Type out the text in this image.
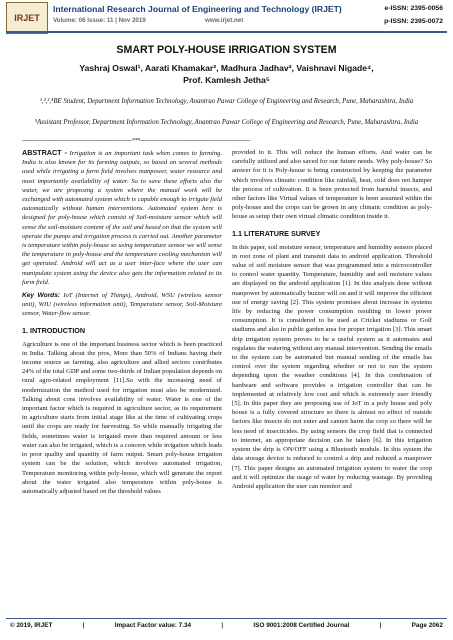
IRJET
International Research Journal of Engineering and Technology (IRJET)
Volume: 06 Issue: 11 | Nov 2019	www.irjet.net
e-ISSN: 2395-0056
p-ISSN: 2395-0072
SMART POLY-HOUSE IRRIGATION SYSTEM
Yashraj Oswal¹, Aarati Khamakar², Madhura Jadhav³, Vaishnavi Nigade⁴,
Prof. Kamlesh Jetha⁵
¹,²,³,⁴BE Student, Department Information Technology, Anantrao Pawar College of Engineering and Research, Pune, Maharashtra, India
⁵Assistant Professor, Department Information Technology, Anantrao Pawar College of Engineering and Research, Pune, Maharashtra, India
---------------------------------------------------------------------***---------------------------------------------------------------------

ABSTRACT - Irrigation is an important task when comes to farming. India is also known for its farming outputs, so based on several methods used while irrigating a farm field involves manpower, water resource and most importantly availability of water. So to save these efforts also the water, we are proposing a system where the manual work will be exchanged with automated system which is capable enough to irrigate field automatically without human interventions. Automated system here is designed for poly-house which consist of Soil-moisture sensor which will sense the soil-moisture content of the soil and based on that the system will operate the pumps and irrigation process is carried out. Another parameter is temperature within poly-house so using temperature sensor we will sense the temperature in poly-house and the temperature cooling mechanism will get operated. Android will act as a user inter-face where the user can manipulate system using the device also gets the information related to its farm field.

Key Words: IoT (Internet of Things), Android, WSU (wireless sensor unit), WIU (wireless information unit), Temperature sensor, Soil-Moisture sensor, Water-flow sensor.

1. INTRODUCTION

Agriculture is one of the important business sector which is been practiced in India. Talking about the pros, More than 50% of Indians having their income source as farming, also agriculture and allied sectors contributes 24% of the total GDP and some two-thirds of Indian population depends on rural agro-related employment [11].So with the increasing need of modernization the method used for irrigation must also be modernized. Talking about cons involves availability of water. Water is one of the important factor which is required in agriculture sector, as its requirement in agriculture starts from initial stage like at the time of cultivating crops until the crops are ready for harvesting. So while manually irrigating the fields, sometimes water is irrigated more than required amount or less water can also be irrigated, which is a concern while irrigation which leads to poor quality and quantity of farm output. Smart poly-house irrigation system can be the solution, which involves automated irrigation, Temperature monitoring within poly-house, which will generate the report about the water irrigated also temperature within poly-house is automatically adjusted based on the threshold values

provided to it. This will reduce the human efforts. And water can be carefully utilized and also saved for our future needs. Why poly-house? So answer for it is Poly-house is being constructed by keeping the parameter which involves climatic condition like rainfall, heat, cold does not hamper the process of cultivation. It is been protected from harmful insects, and other factors like Virtual values of temperature is been assumed within the poly-house and the crops can be grown in any climatic condition as poly-house as setup their own virtual climatic condition inside it.

1.1 LITERATURE SURVEY

In this paper, soil moisture sensor, temperature and humidity sensors placed in root zone of plant and transmit data to android application. Threshold value of soil moisture sensor that was programmed into a microcontroller to control water quantity. Temperature, humidity and soil moisture values are displayed on the android application [1]. In this analysis done without manpower by automatically buzzer will on and it will improve the efficient use of energy saving [2]. This system promises about increase in systems life by reducing the power consumption resulting in lower power consumption. It is considered to be used at Cricket stadiums or Golf stadiums and also in public garden area for proper irrigation [3]. This smart drip irrigation system proves to be a useful system as it automates and regulates the watering without any manual intervention. Sending the emails to the system can be automated but manual sending of the emails has control over the system regarding whether or not to run the system depending upon the weather conditions [4]. In this combination of hardware and software provides a irrigation controller that can be implemented at relatively low cost and which is extremely user friendly [5]. In this paper they are proposing use of IoT in a poly house and poly house is a fully covered structure so there is almost no effect of outside factors like insects do not enter and cannot harm the crop so there will be less need of insecticides. By using sensors the crop field that is connected to internet, an appropriate decision can be taken [6]. In this irrigation system the drip is ON/OFF using a Bluetooth module. In this system the data storage device is reduced to control a drip and reduced a manpower [7]. This paper designs an automated irrigation system to water the crop and it will optimize the usage of water by reducing wastage. By providing Android application the user can monitor and

© 2019, IRJET	|	Impact Factor value: 7.34	|	ISO 9001:2008 Certified Journal	|	Page 2062
